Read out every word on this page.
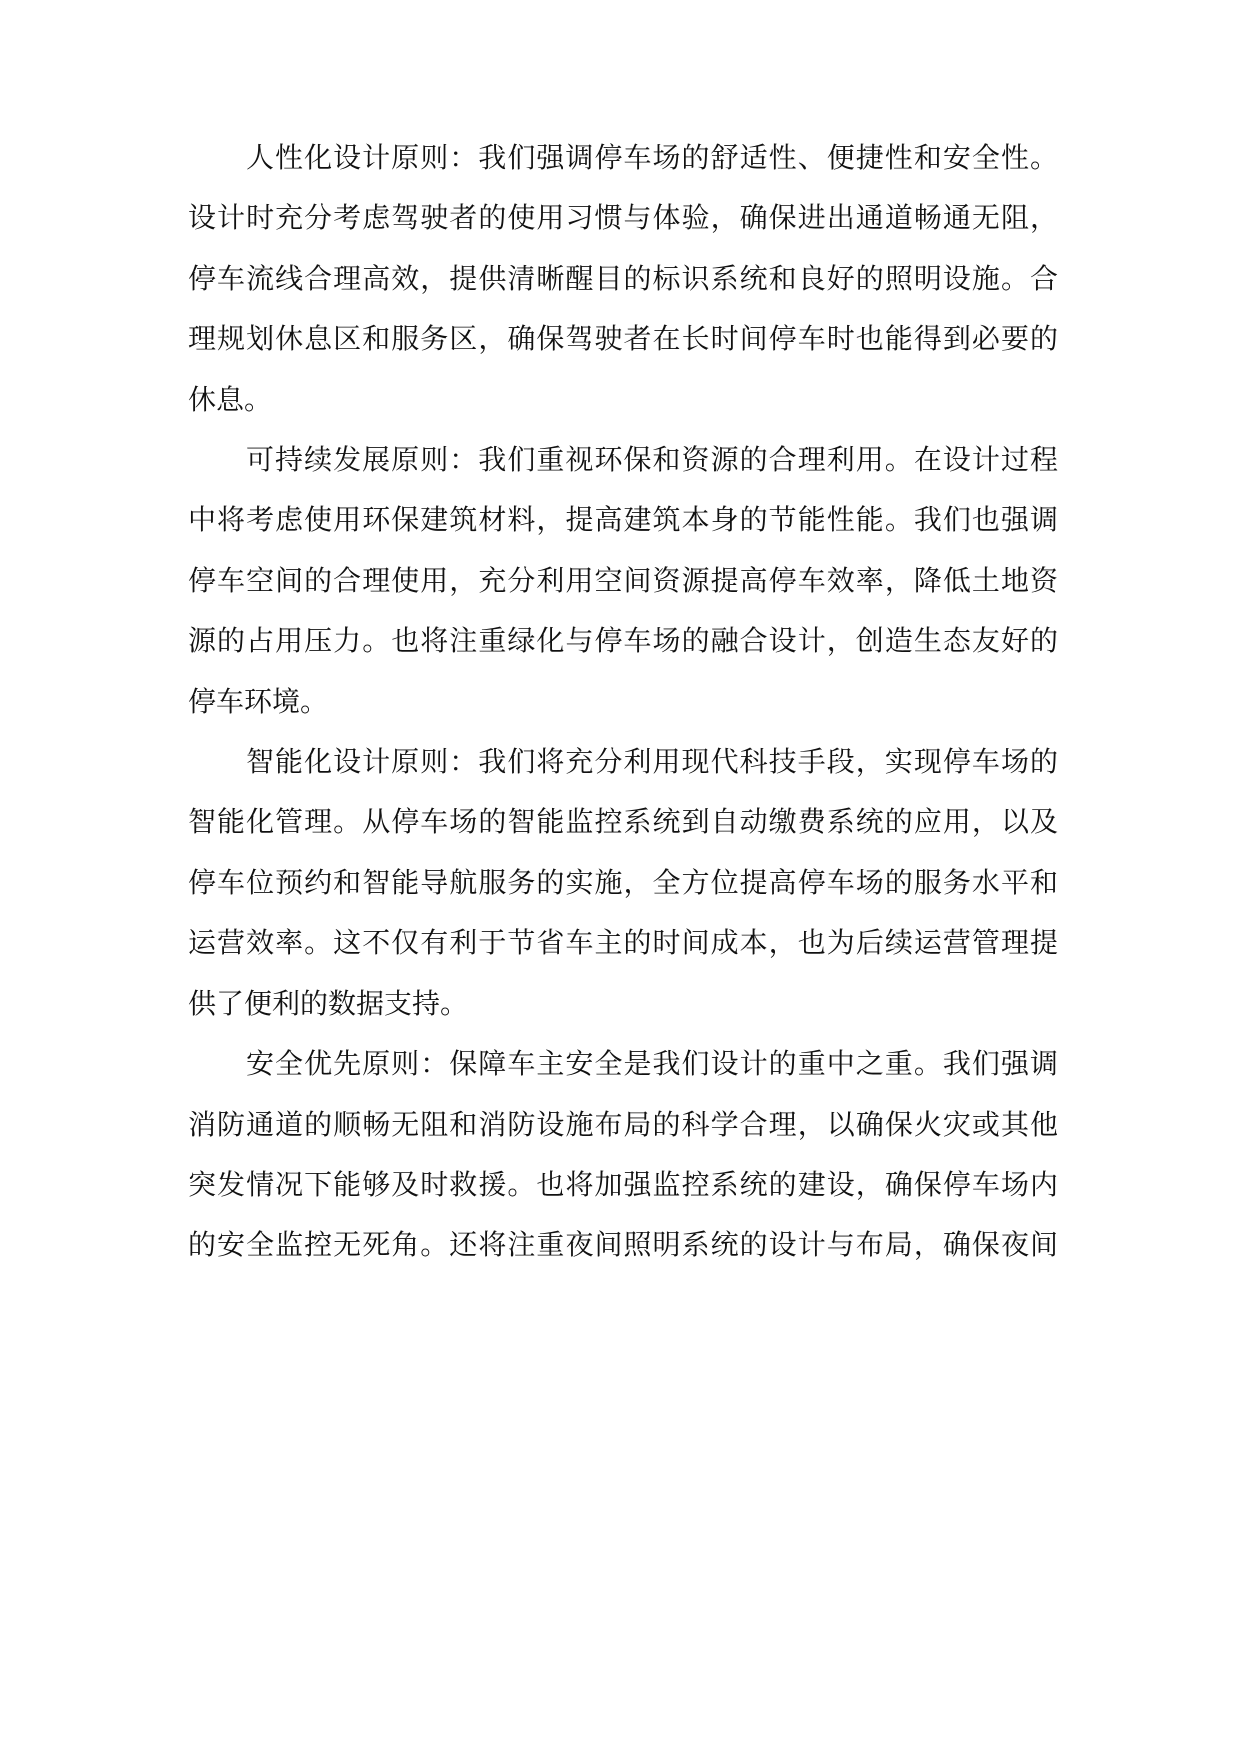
人性化设计原则：我们强调停车场的舒适性、便捷性和安全性。
设计时充分考虑驾驶者的使用习惯与体验，确保进出通道畅通无阻，
停车流线合理高效，提供清晰醒目的标识系统和良好的照明设施。合
理规划休息区和服务区，确保驾驶者在长时间停车时也能得到必要的
休息。
可持续发展原则：我们重视环保和资源的合理利用。在设计过程
中将考虑使用环保建筑材料，提高建筑本身的节能性能。我们也强调
停车空间的合理使用，充分利用空间资源提高停车效率，降低土地资
源的占用压力。也将注重绿化与停车场的融合设计，创造生态友好的
停车环境。
智能化设计原则：我们将充分利用现代科技手段，实现停车场的
智能化管理。从停车场的智能监控系统到自动缴费系统的应用，以及
停车位预约和智能导航服务的实施，全方位提高停车场的服务水平和
运营效率。这不仅有利于节省车主的时间成本，也为后续运营管理提
供了便利的数据支持。
安全优先原则：保障车主安全是我们设计的重中之重。我们强调
消防通道的顺畅无阻和消防设施布局的科学合理，以确保火灾或其他
突发情况下能够及时救援。也将加强监控系统的建设，确保停车场内
的安全监控无死角。还将注重夜间照明系统的设计与布局，确保夜间
